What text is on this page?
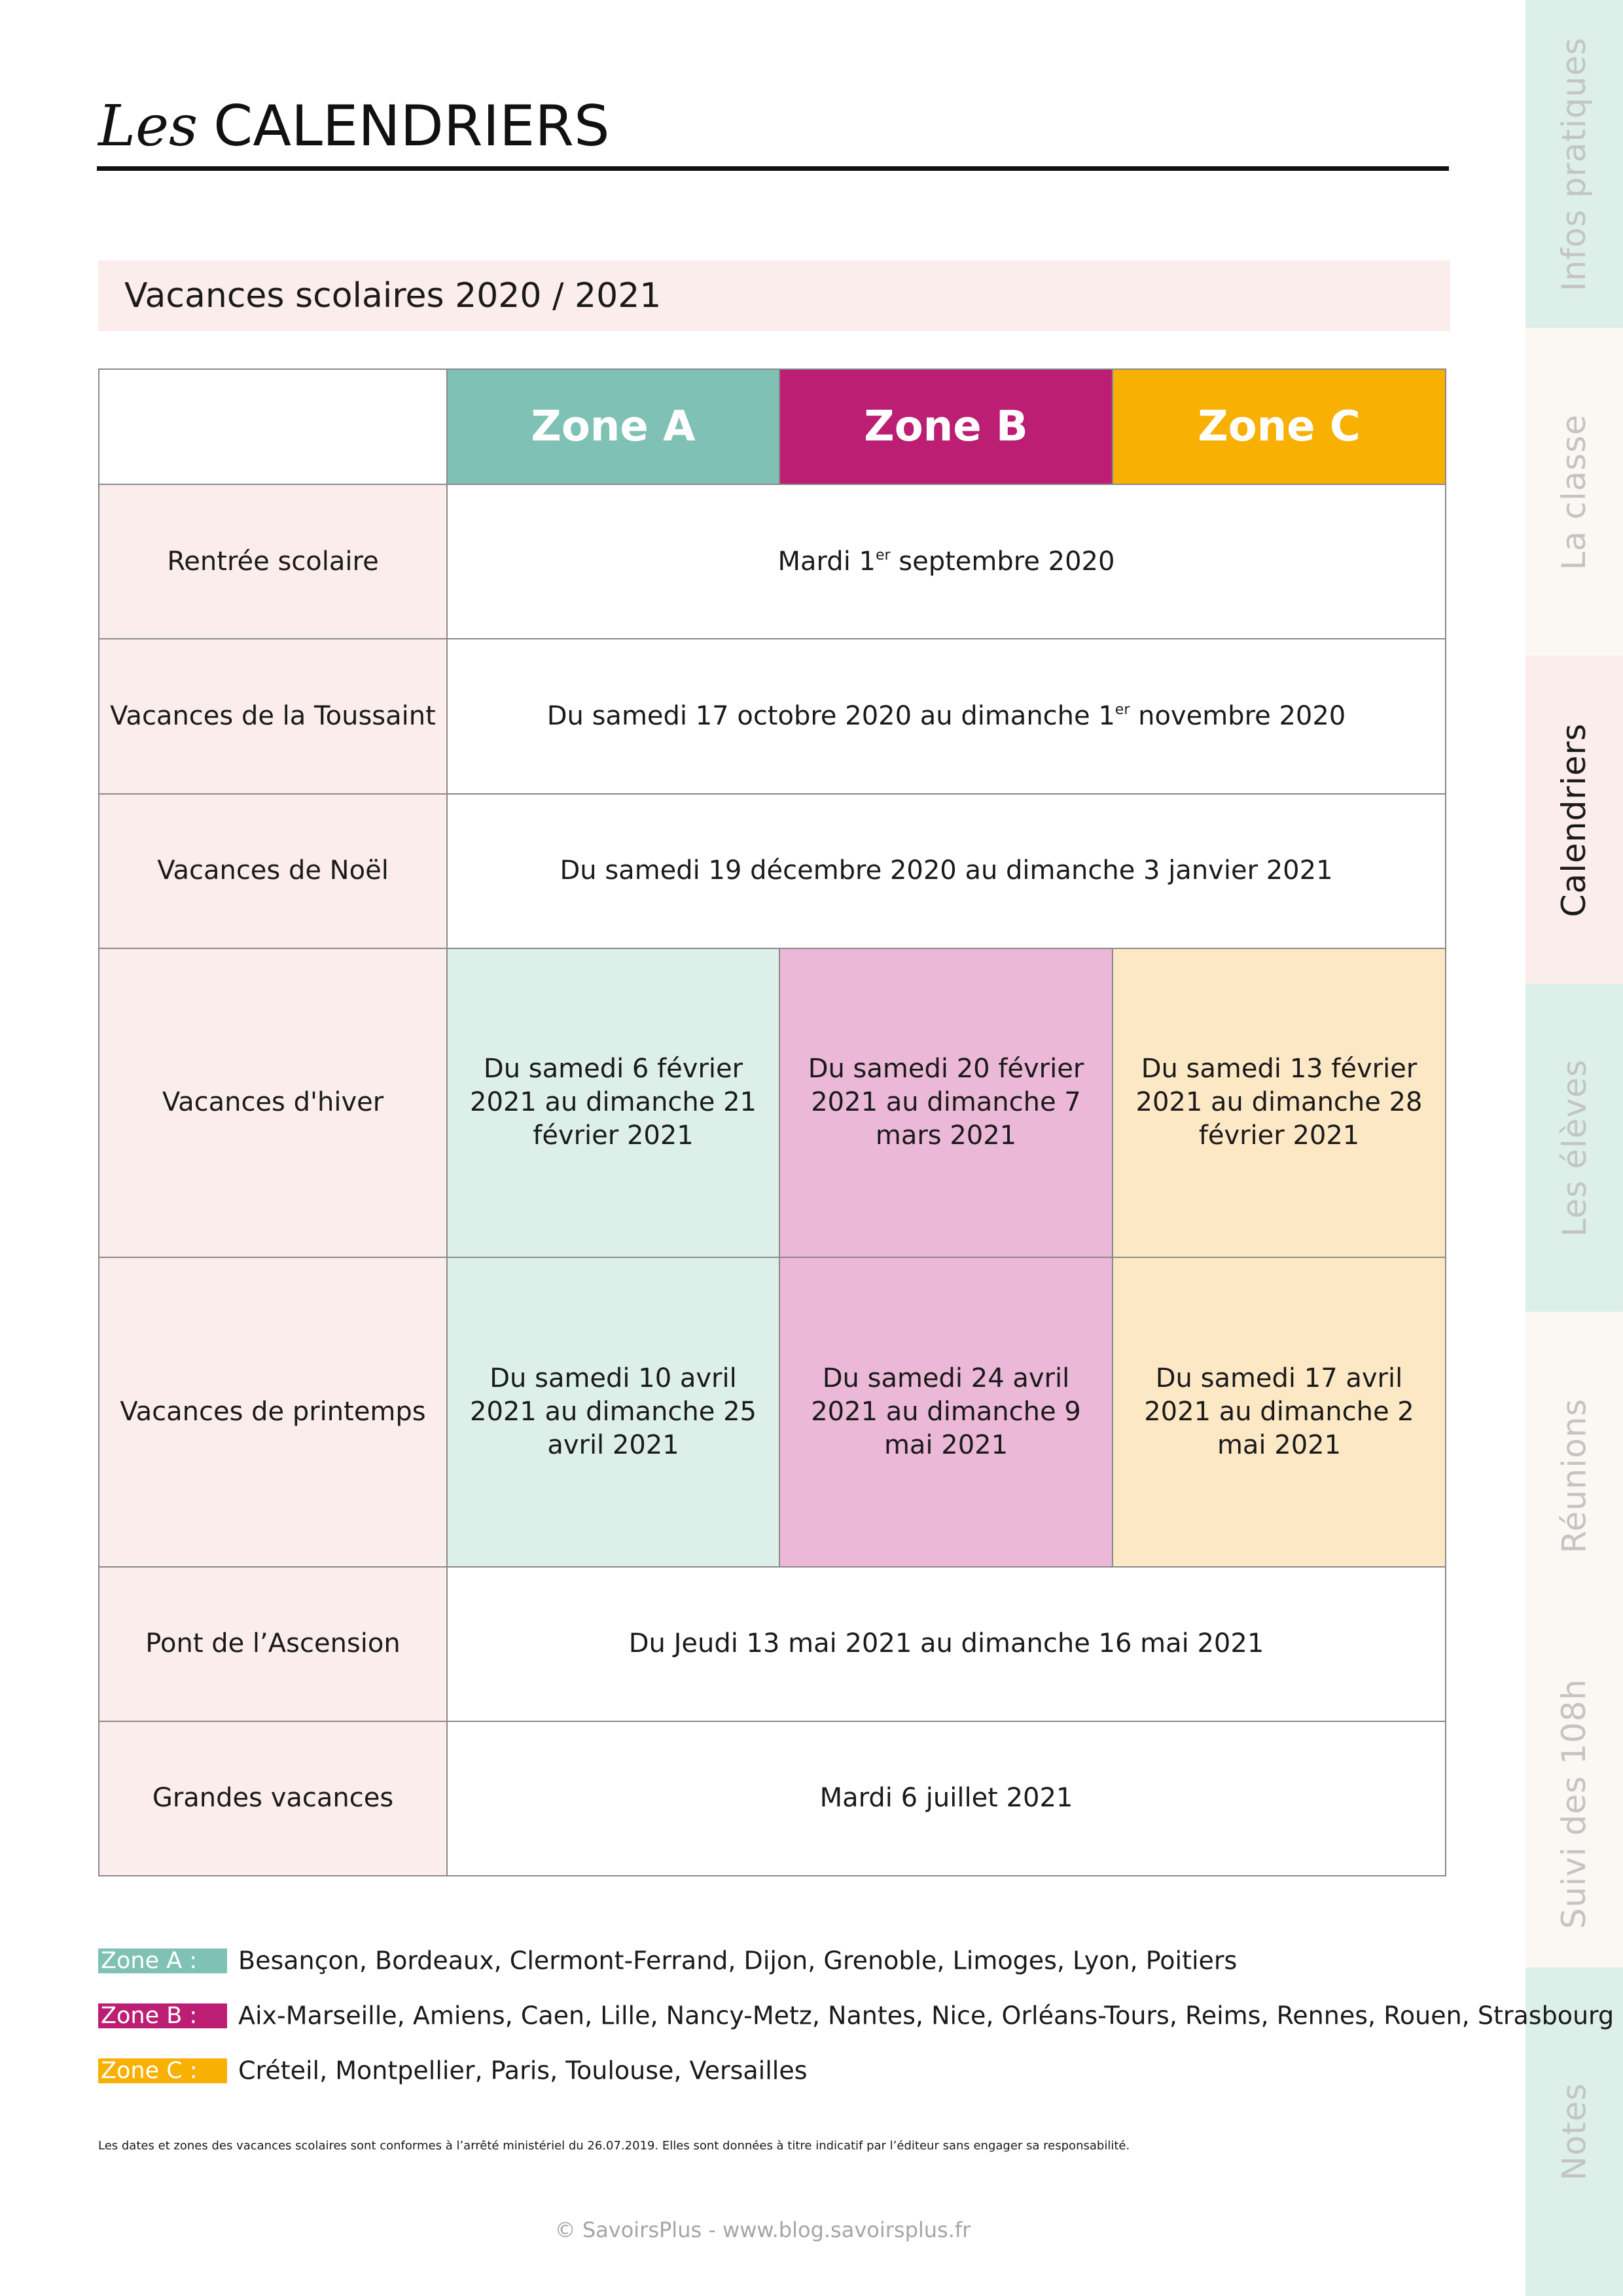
Infos pratiques
La classe
Calendriers
Les élèves
Réunions
Suivi des 108h
Notes
Les CALENDRIERS
Vacances scolaires 2020 / 2021
	Zone A	Zone B	Zone C
Rentrée scolaire	Mardi 1er septembre 2020		
Vacances de la Toussaint	Du samedi 17 octobre 2020 au dimanche 1er novembre 2020		
Vacances de Noël	Du samedi 19 décembre 2020 au dimanche 3 janvier 2021		
Vacances d'hiver	Du samedi 6 février 2021 au dimanche 21 février 2021	Du samedi 20 février 2021 au dimanche 7 mars 2021	Du samedi 13 février 2021 au dimanche 28 février 2021
Vacances de printemps	Du samedi 10 avril 2021 au dimanche 25 avril 2021	Du samedi 24 avril 2021 au dimanche 9 mai 2021	Du samedi 17 avril 2021 au dimanche 2 mai 2021
Pont de l’Ascension	Du Jeudi 13 mai 2021 au dimanche 16 mai 2021		
Grandes vacances	Mardi 6 juillet 2021		
Zone A : Besançon, Bordeaux, Clermont-Ferrand, Dijon, Grenoble, Limoges, Lyon, Poitiers
Zone B : Aix-Marseille, Amiens, Caen, Lille, Nancy-Metz, Nantes, Nice, Orléans-Tours, Reims, Rennes, Rouen, Strasbourg
Zone C : Créteil, Montpellier, Paris, Toulouse, Versailles
Les dates et zones des vacances scolaires sont conformes à l’arrêté ministériel du 26.07.2019. Elles sont données à titre indicatif par l’éditeur sans engager sa responsabilité.
© SavoirsPlus - www.blog.savoirsplus.fr
